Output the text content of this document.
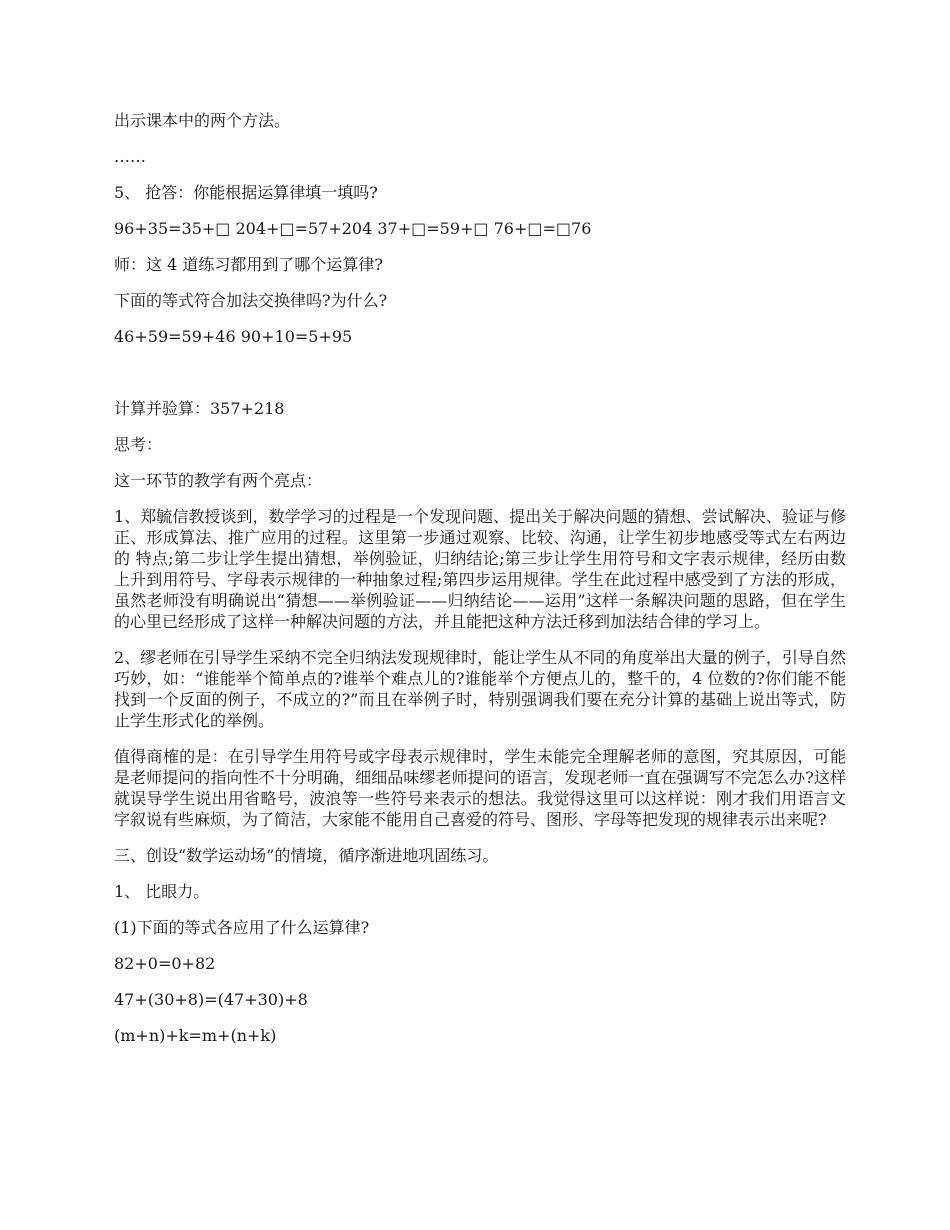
出示课本中的两个方法。

……

5、 抢答：你能根据运算律填一填吗?

96+35=35+□ 204+□=57+204 37+□=59+□ 76+□=□76

师：这 4 道练习都用到了哪个运算律?

下面的等式符合加法交换律吗?为什么?

46+59=59+46 90+10=5+95

计算并验算：357+218

思考：

这一环节的教学有两个亮点：

1、郑毓信教授谈到，数学学习的过程是一个发现问题、提出关于解决问题的猜想、尝试解决、验证与修正、形成算法、推广应用的过程。这里第一步通过观察、比较、沟通，让学生初步地感受等式左右两边的 特点;第二步让学生提出猜想，举例验证，归纳结论;第三步让学生用符号和文字表示规律，经历由数上升到用符号、字母表示规律的一种抽象过程;第四步运用规律。学生在此过程中感受到了方法的形成，虽然老师没有明确说出“猜想——举例验证——归纳结论——运用”这样一条解决问题的思路，但在学生的心里已经形成了这样一种解决问题的方法，并且能把这种方法迁移到加法结合律的学习上。

2、缪老师在引导学生采纳不完全归纳法发现规律时，能让学生从不同的角度举出大量的例子，引导自然巧妙，如：“谁能举个简单点的?谁举个难点儿的?谁能举个方便点儿的，整千的，4 位数的?你们能不能找到一个反面的例子，不成立的?”而且在举例子时，特别强调我们要在充分计算的基础上说出等式，防止学生形式化的举例。

值得商榷的是：在引导学生用符号或字母表示规律时，学生未能完全理解老师的意图，究其原因，可能是老师提问的指向性不十分明确，细细品味缪老师提问的语言，发现老师一直在强调写不完怎么办?这样就误导学生说出用省略号，波浪等一些符号来表示的想法。我觉得这里可以这样说：刚才我们用语言文字叙说有些麻烦，为了简洁，大家能不能用自己喜爱的符号、图形、字母等把发现的规律表示出来呢?

三、创设“数学运动场”的情境，循序渐进地巩固练习。

1、 比眼力。

(1)下面的等式各应用了什么运算律?

82+0=0+82

47+(30+8)=(47+30)+8

(m+n)+k=m+(n+k)
